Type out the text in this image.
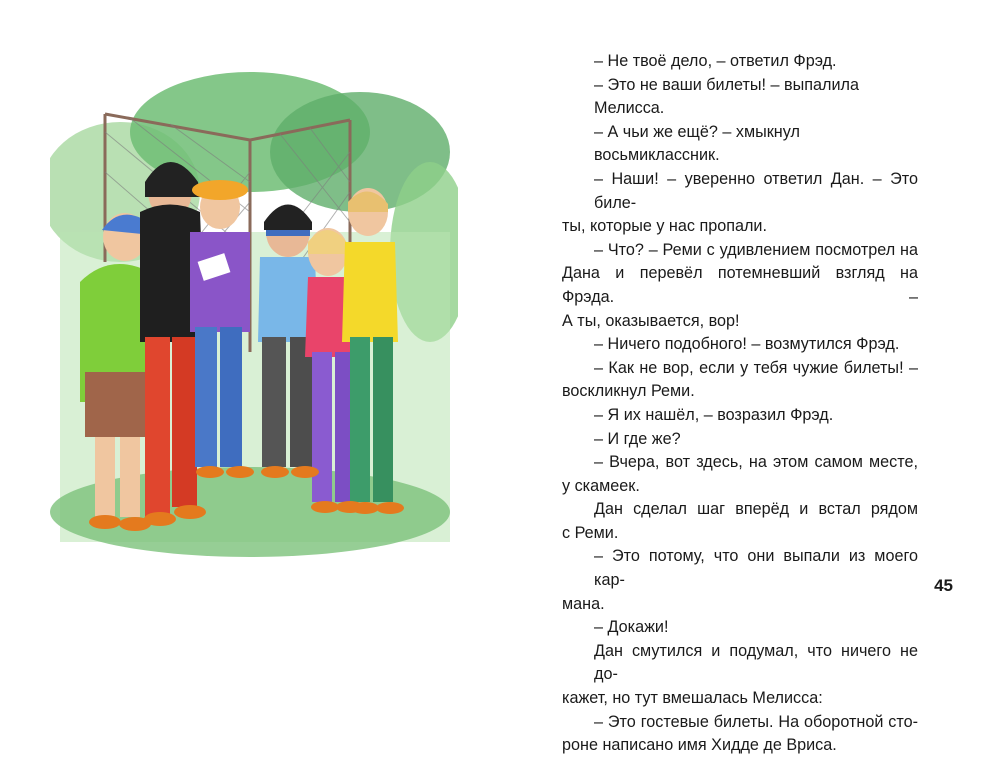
– Не твоё дело, – ответил Фрэд.
– Это не ваши билеты! – выпалила Мелисса.
– А чьи же ещё? – хмыкнул восьмиклассник.
– Наши! – уверенно ответил Дан. – Это биле-
ты, которые у нас пропали.
– Что? – Реми с удивлением посмотрел на
Дана и перевёл потемневший взгляд на Фрэда. –
А ты, оказывается, вор!
– Ничего подобного! – возмутился Фрэд.
– Как не вор, если у тебя чужие билеты! –
воскликнул Реми.
– Я их нашёл, – возразил Фрэд.
– И где же?
– Вчера, вот здесь, на этом самом месте,
у скамеек.
Дан сделал шаг вперёд и встал рядом
с Реми.
– Это потому, что они выпали из моего кар-
мана.
– Докажи!
Дан смутился и подумал, что ничего не до-
кажет, но тут вмешалась Мелисса:
– Это гостевые билеты. На оборотной сто-
роне написано имя Хидде де Вриса.
45
